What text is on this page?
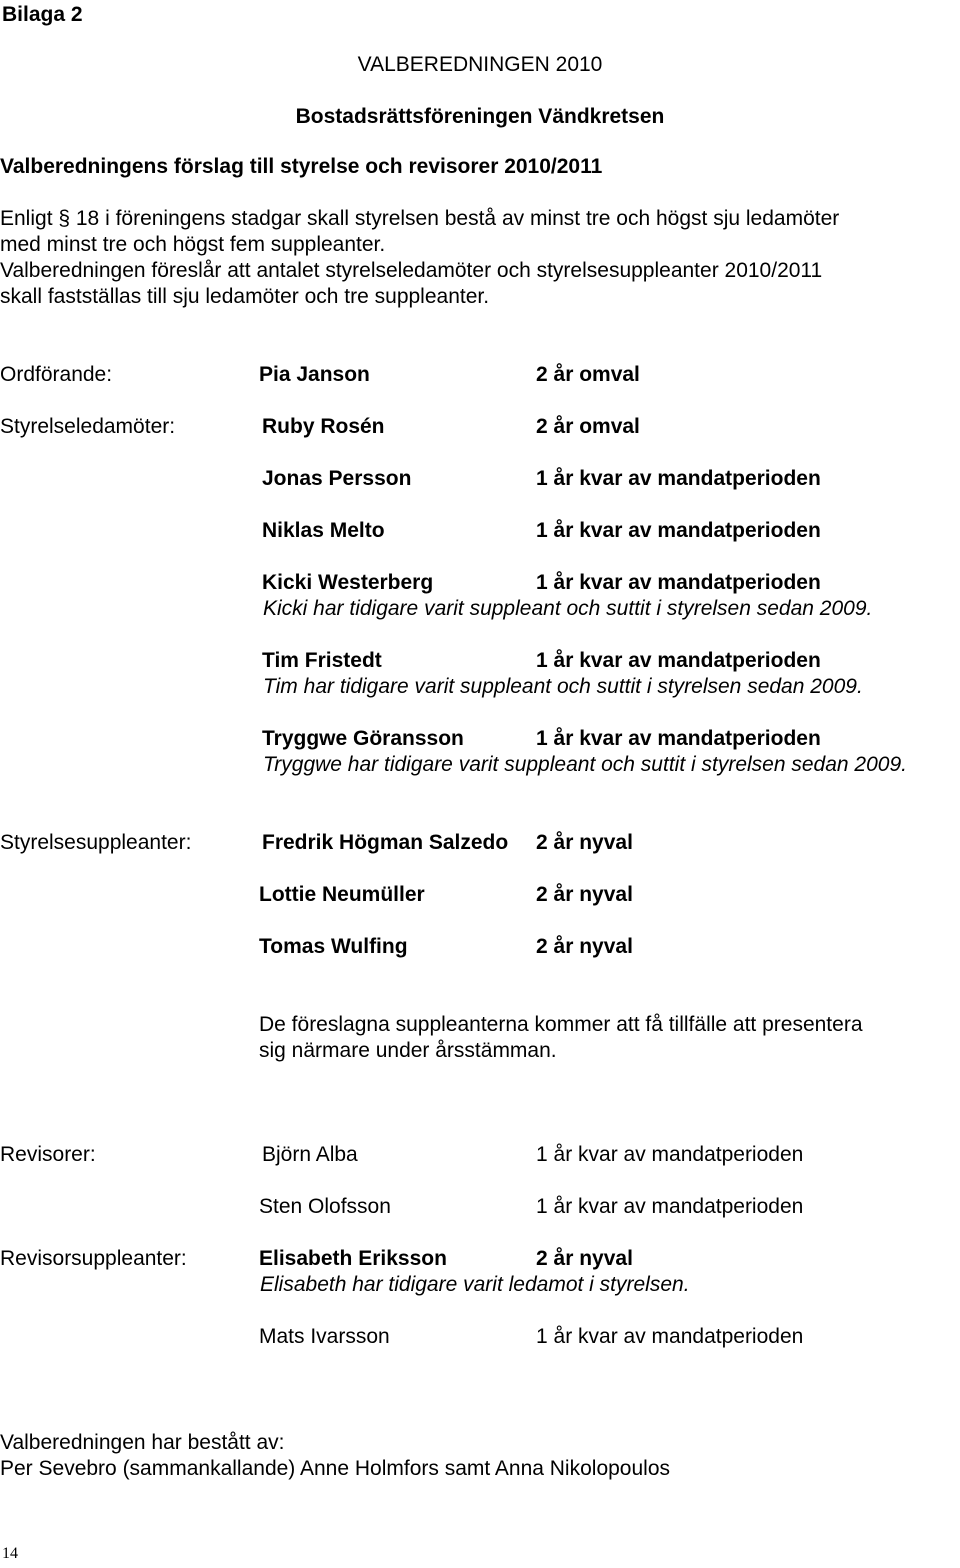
Bilaga 2
VALBEREDNINGEN 2010
Bostadsrättsföreningen Vändkretsen
Valberedningens förslag till styrelse och revisorer 2010/2011
Enligt § 18 i föreningens stadgar skall styrelsen bestå av minst tre och högst sju ledamöter
med minst tre och högst fem suppleanter.
Valberedningen föreslår att antalet styrelseledamöter och styrelsesuppleanter 2010/2011
skall fastställas till sju ledamöter och tre suppleanter.
Ordförande:	Pia Janson	2 år omval
Styrelseledamöter:	Ruby Rosén	2 år omval
Jonas Persson	1 år kvar av mandatperioden
Niklas Melto	1 år kvar av mandatperioden
Kicki Westerberg	1 år kvar av mandatperioden
Kicki har tidigare varit suppleant och suttit i styrelsen sedan 2009.
Tim Fristedt	1 år kvar av mandatperioden
Tim har tidigare varit suppleant och suttit i styrelsen sedan 2009.
Tryggwe Göransson	1 år kvar av mandatperioden
Tryggwe har tidigare varit suppleant och suttit i styrelsen sedan 2009.
Styrelsesuppleanter:	Fredrik Högman Salzedo 2 år nyval
Lottie Neumüller	2 år nyval
Tomas Wulfing	2 år nyval
De föreslagna suppleanterna kommer att få tillfälle att presentera
sig närmare under årsstämman.
Revisorer:	Björn Alba	1 år kvar av mandatperioden
Sten Olofsson	1 år kvar av mandatperioden
Revisorsuppleanter:	Elisabeth Eriksson	2 år nyval
Elisabeth har tidigare varit ledamot i styrelsen.
Mats Ivarsson	1 år kvar av mandatperioden
Valberedningen har bestått av:
Per Sevebro (sammankallande) Anne Holmfors samt Anna Nikolopoulos
14
